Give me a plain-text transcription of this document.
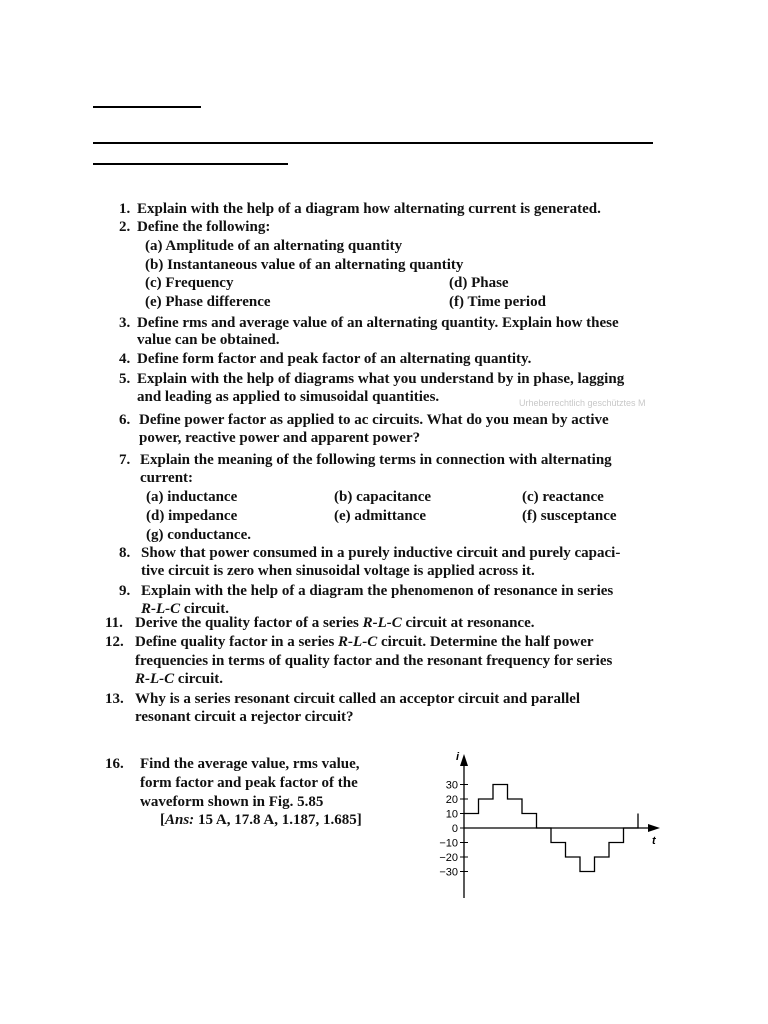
1. Explain with the help of a diagram how alternating current is generated.
2. Define the following:
(a) Amplitude of an alternating quantity
(b) Instantaneous value of an alternating quantity
(c) Frequency	(d) Phase
(e) Phase difference	(f) Time period
3. Define rms and average value of an alternating quantity. Explain how these
value can be obtained.
4. Define form factor and peak factor of an alternating quantity.
5. Explain with the help of diagrams what you understand by in phase, lagging
and leading as applied to simusoidal quantities.	Urheberrechtlich geschütztes M
6. Define power factor as applied to ac circuits. What do you mean by active
power, reactive power and apparent power?
7. Explain the meaning of the following terms in connection with alternating
current:
(a) inductance	(b) capacitance	(c) reactance
(d) impedance	(e) admittance	(f) susceptance
(g) conductance.
8. Show that power consumed in a purely inductive circuit and purely capaci-
tive circuit is zero when sinusoidal voltage is applied across it.
9. Explain with the help of a diagram the phenomenon of resonance in series
R-L-C circuit.
11. Derive the quality factor of a series R-L-C circuit at resonance.
12. Define quality factor in a series R-L-C circuit. Determine the half power
frequencies in terms of quality factor and the resonant frequency for series
R-L-C circuit.
13. Why is a series resonant circuit called an acceptor circuit and parallel
resonant circuit a rejector circuit?
16. Find the average value, rms value,
form factor and peak factor of the
waveform shown in Fig. 5.85
[Ans: 15 A, 17.8 A, 1.187, 1.685]
i
t
30
20
10
0
−10
−20
−30
